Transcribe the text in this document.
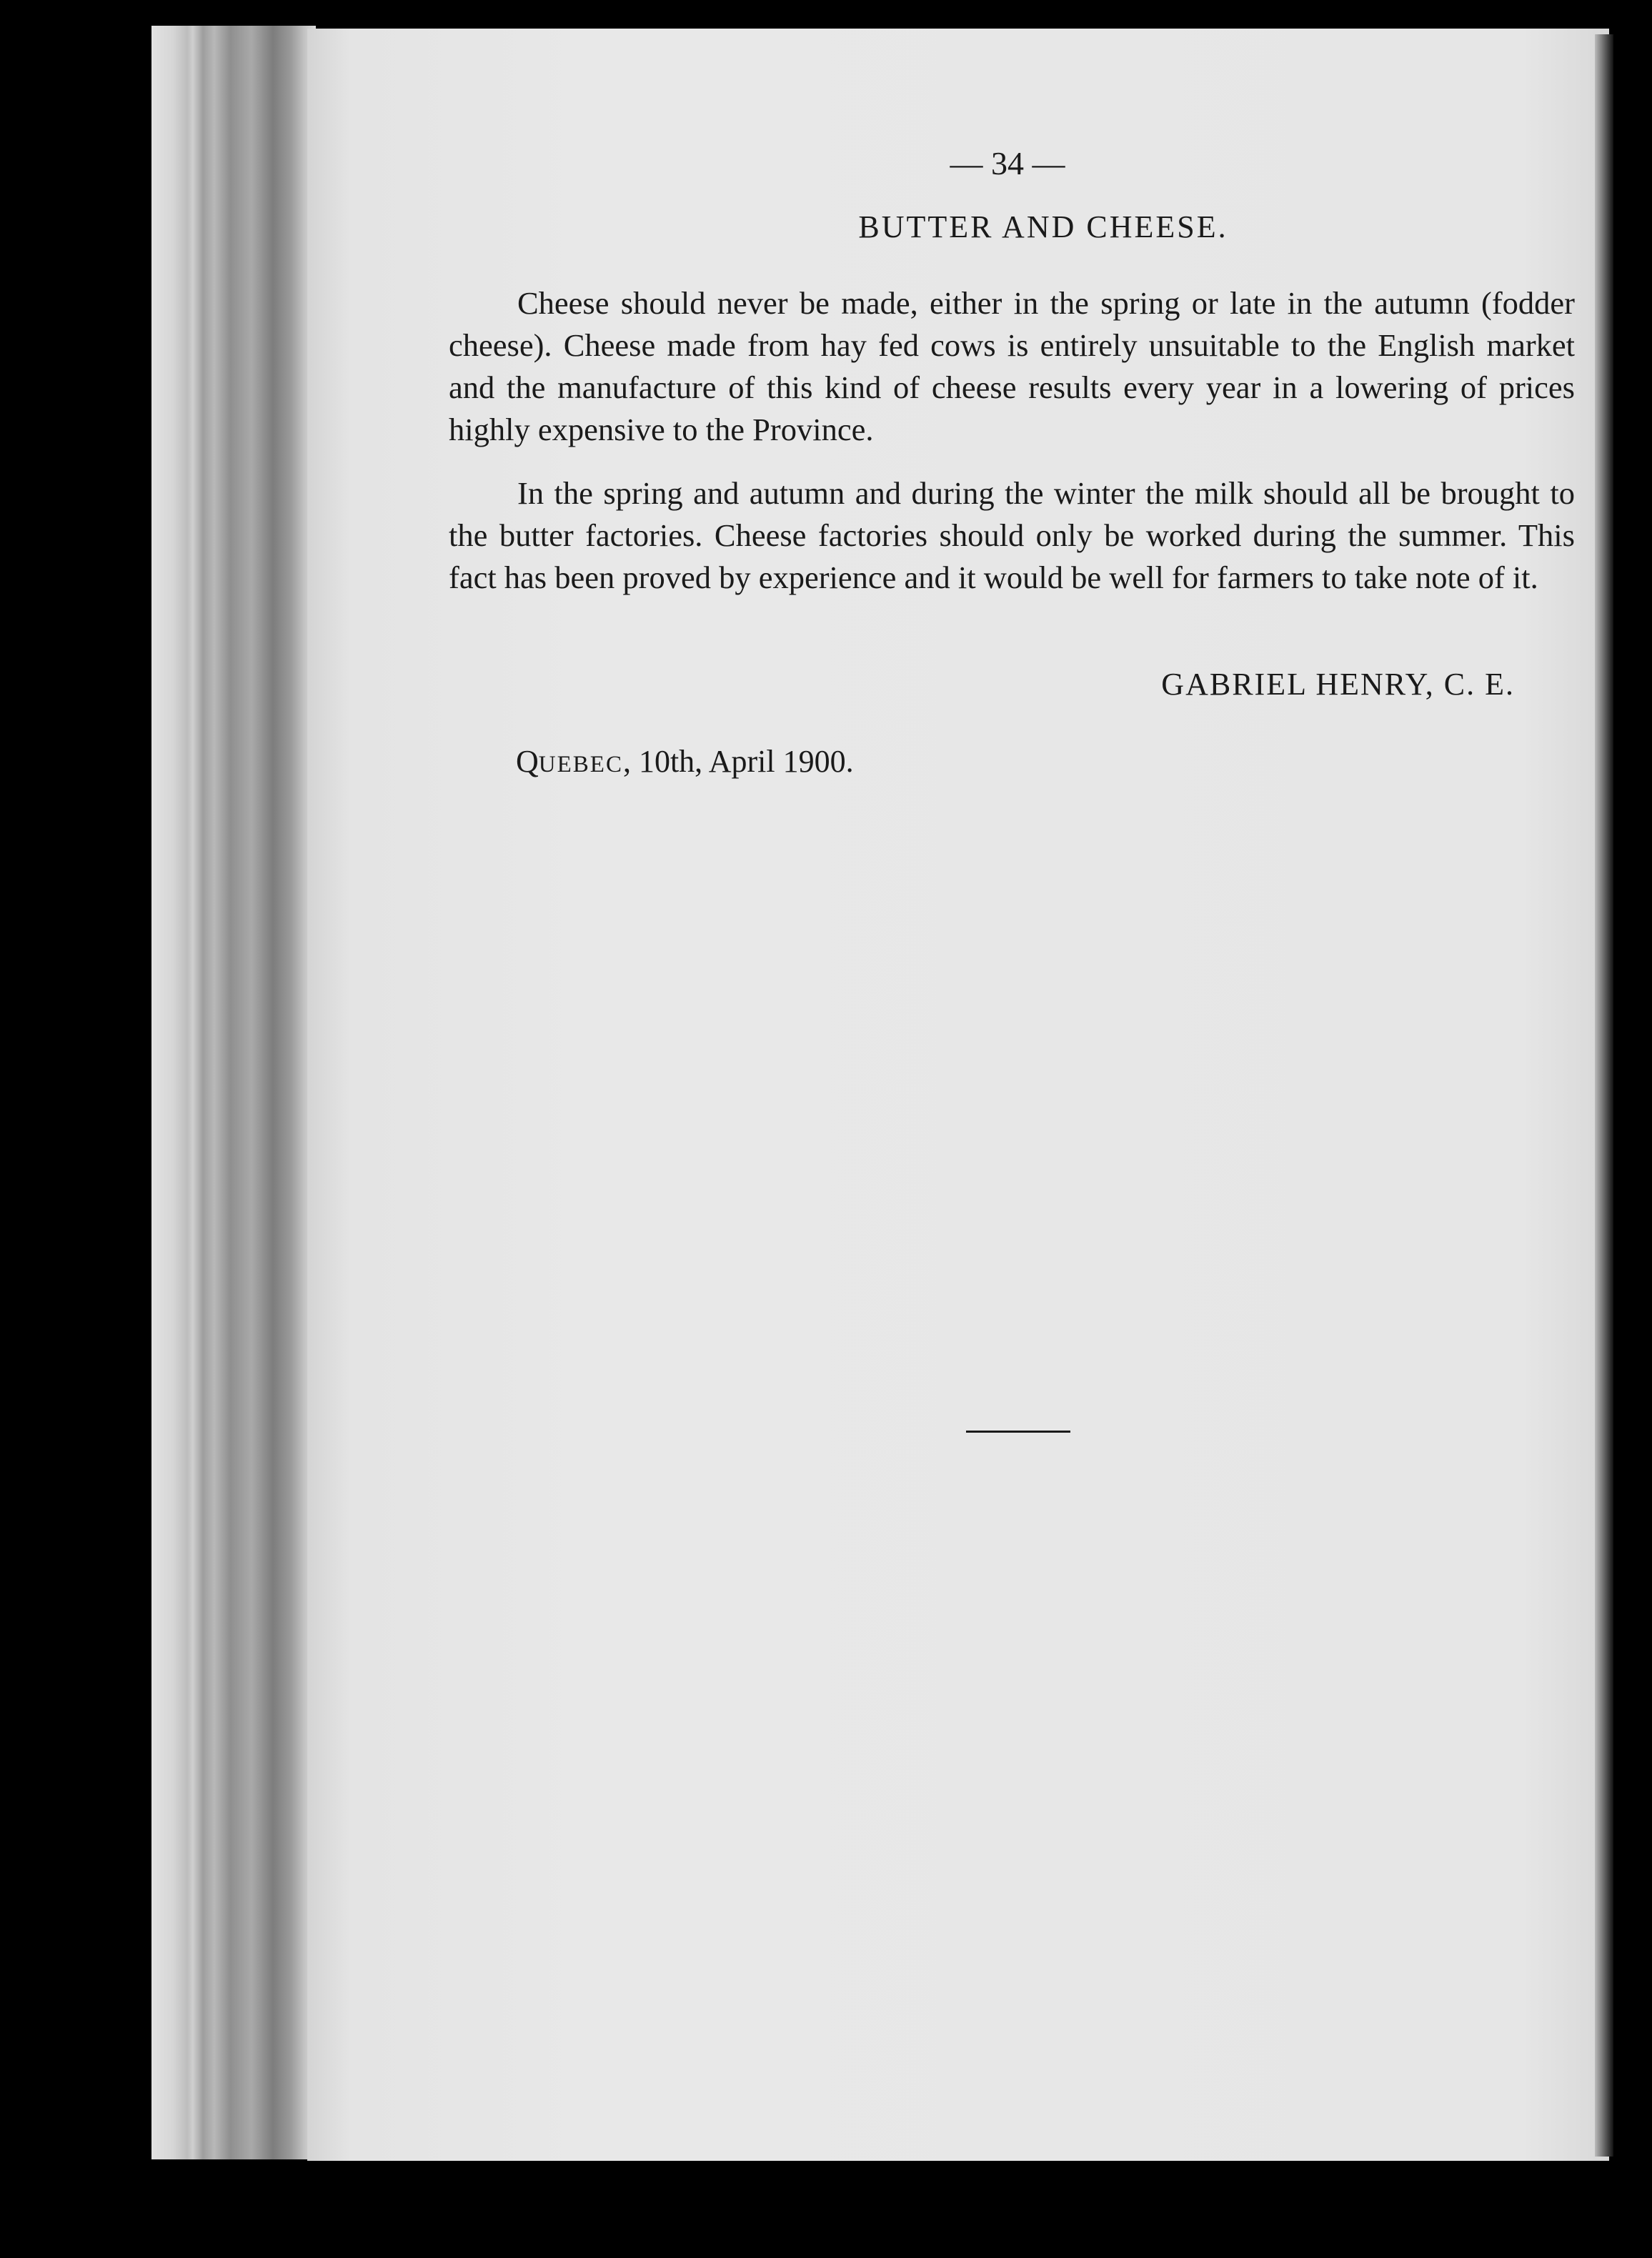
— 34 —
BUTTER AND CHEESE.

Cheese should never be made, either in the spring or late in the autumn (fodder cheese). Cheese made from hay fed cows is entirely unsuitable to the English market and the manufacture of this kind of cheese results every year in a lowering of prices highly expensive to the Province.

In the spring and autumn and during the winter the milk should all be brought to the butter factories. Cheese factories should only be worked during the summer. This fact has been proved by experience and it would be well for farmers to take note of it.

GABRIEL HENRY, C. E.
QUEBEC, 10th, April 1900.
